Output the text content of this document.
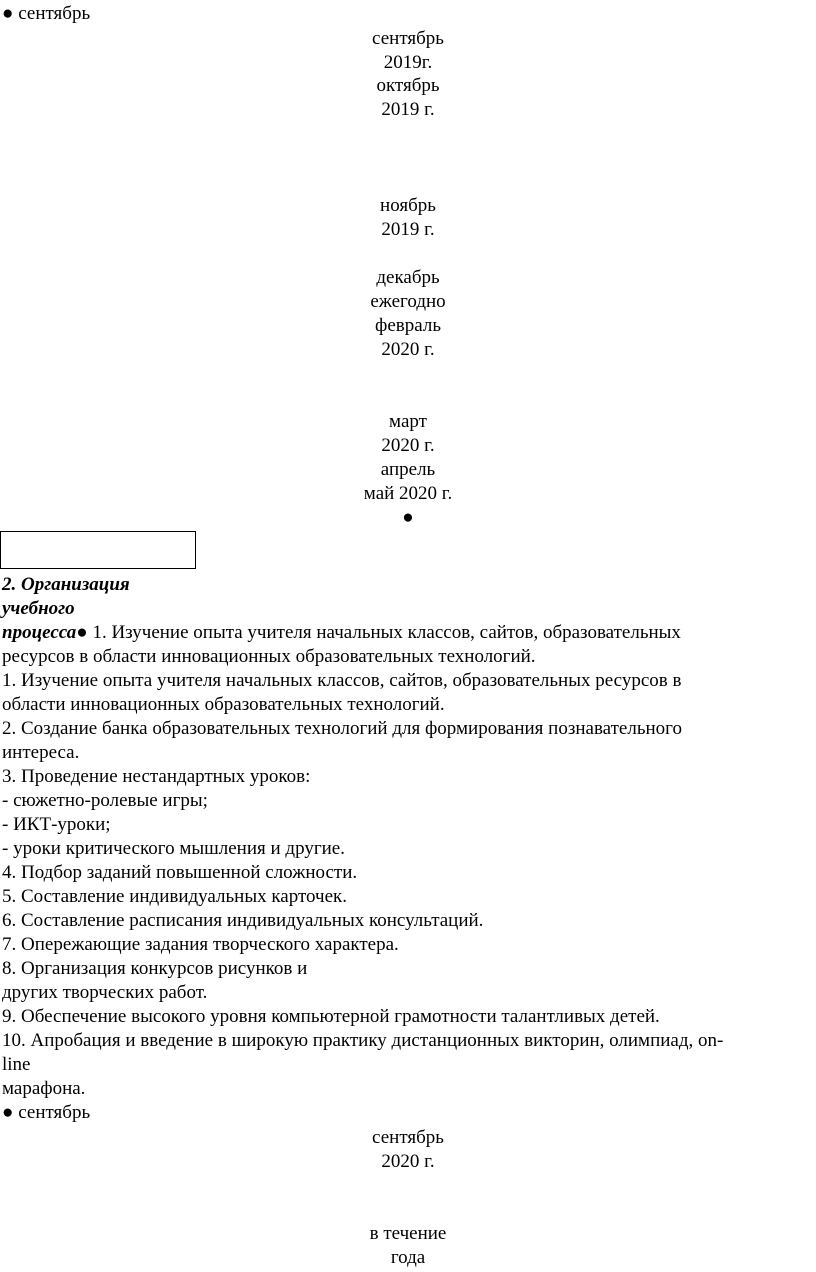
● сентябрь
сентябрь
2019г.
октябрь
2019 г.
ноябрь
2019 г.
декабрь
ежегодно
февраль
2020 г.
март
2020 г.
апрель
май 2020 г.
●
2. Организация
учебного
процесса● 1. Изучение опыта учителя начальных классов, сайтов, образовательных
ресурсов в области инновационных образовательных технологий.
1. Изучение опыта учителя начальных классов, сайтов, образовательных ресурсов в
области инновационных образовательных технологий.
2. Создание банка образовательных технологий для формирования познавательного
интереса.
3. Проведение нестандартных уроков:
- сюжетно-ролевые игры;
- ИКТ-уроки;
- уроки критического мышления и другие.
4. Подбор заданий повышенной сложности.
5. Составление индивидуальных карточек.
6. Составление расписания индивидуальных консультаций.
7. Опережающие задания творческого характера.
8. Организация конкурсов рисунков и
других творческих работ.
9. Обеспечение высокого уровня компьютерной грамотности талантливых детей.
10. Апробация и введение в широкую практику дистанционных викторин, олимпиад, on-
line
марафона.
● сентябрь
сентябрь
2020 г.
в течение
года
